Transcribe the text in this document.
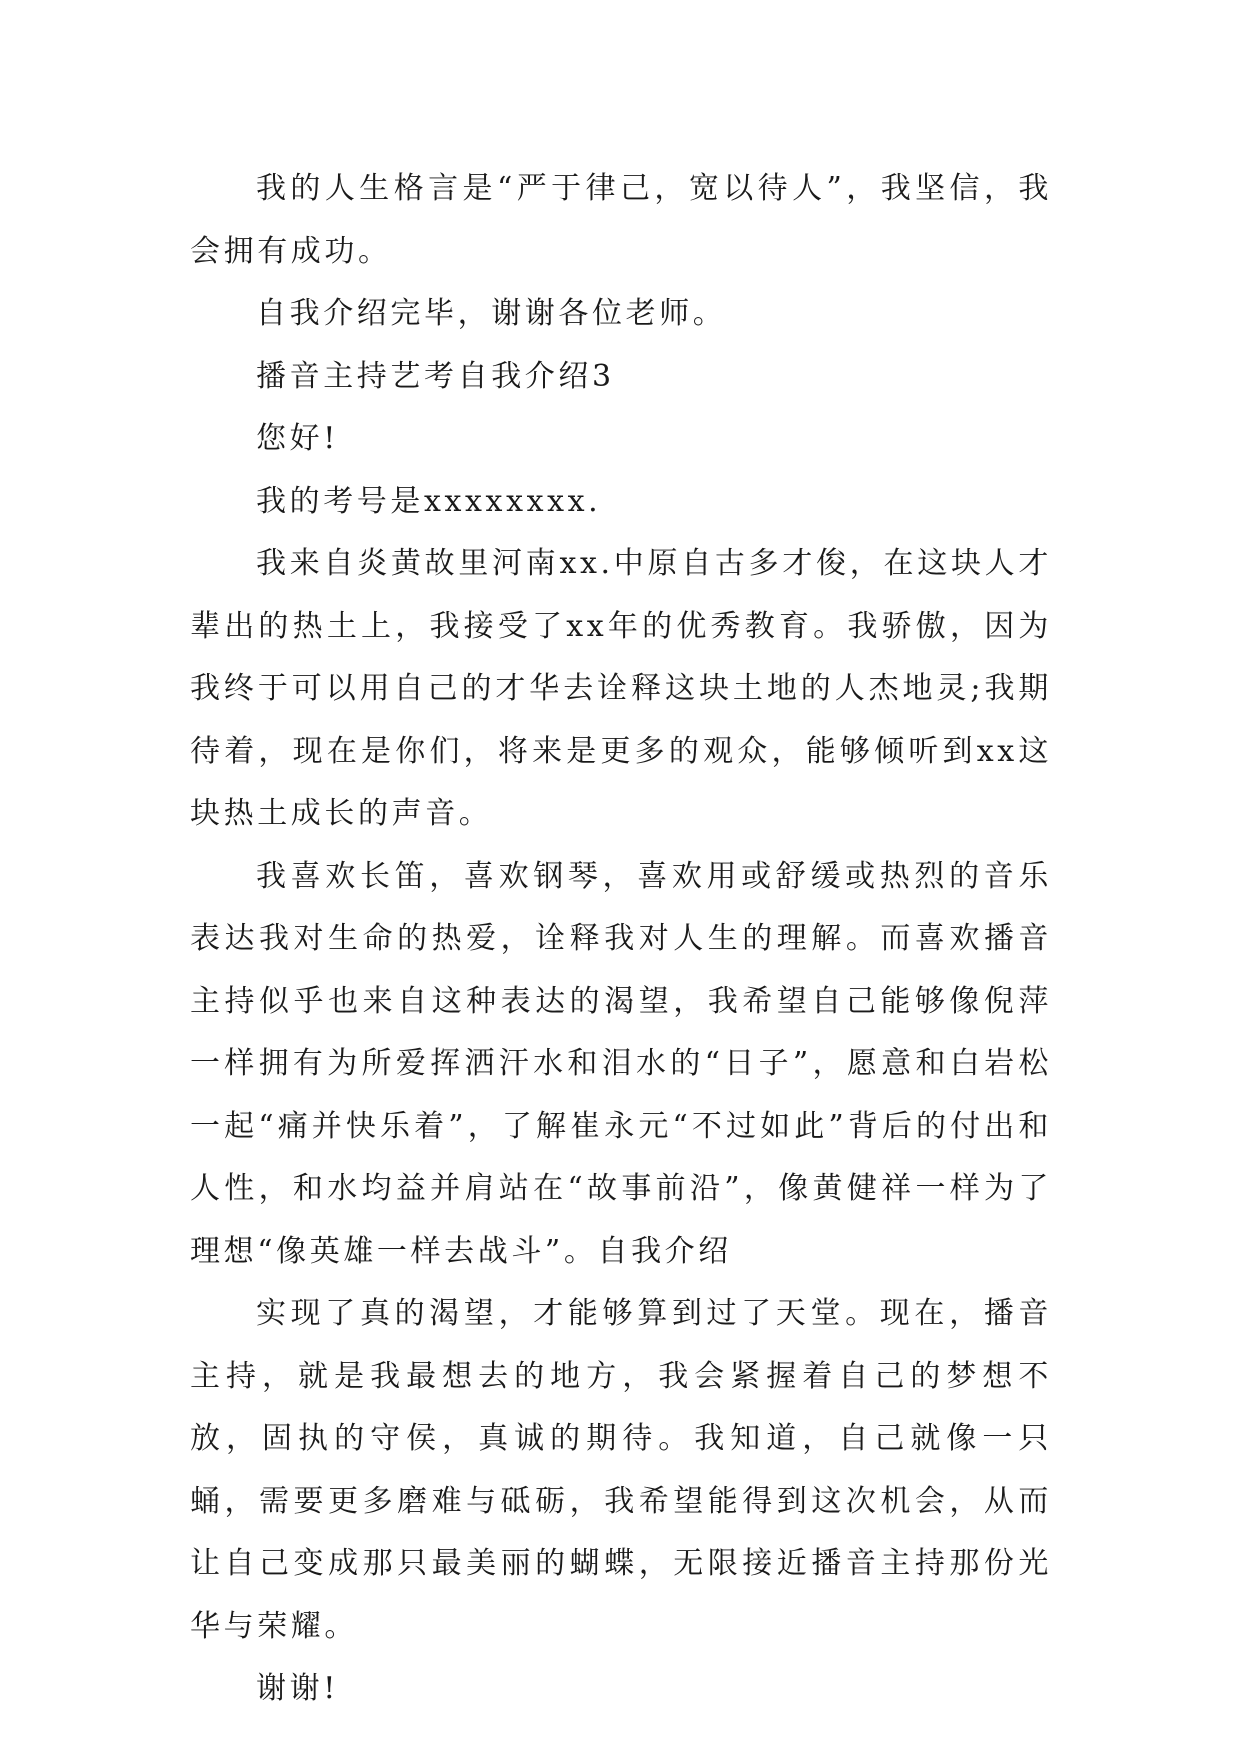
我的人生格言是“严于律己，宽以待人”，我坚信，我会拥有成功。

自我介绍完毕，谢谢各位老师。

播音主持艺考自我介绍3

您好!

我的考号是xxxxxxxx.

我来自炎黄故里河南xx.中原自古多才俊，在这块人才辈出的热土上，我接受了xx年的优秀教育。我骄傲，因为我终于可以用自己的才华去诠释这块土地的人杰地灵;我期待着，现在是你们，将来是更多的观众，能够倾听到xx这块热土成长的声音。

我喜欢长笛，喜欢钢琴，喜欢用或舒缓或热烈的音乐表达我对生命的热爱，诠释我对人生的理解。而喜欢播音主持似乎也来自这种表达的渴望，我希望自己能够像倪萍一样拥有为所爱挥洒汗水和泪水的“日子”，愿意和白岩松一起“痛并快乐着”，了解崔永元“不过如此”背后的付出和人性，和水均益并肩站在“故事前沿”，像黄健祥一样为了理想“像英雄一样去战斗”。自我介绍

实现了真的渴望，才能够算到过了天堂。现在，播音主持，就是我最想去的地方，我会紧握着自己的梦想不放，固执的守侯，真诚的期待。我知道，自己就像一只蛹，需要更多磨难与砥砺，我希望能得到这次机会，从而让自己变成那只最美丽的蝴蝶，无限接近播音主持那份光华与荣耀。

谢谢!
